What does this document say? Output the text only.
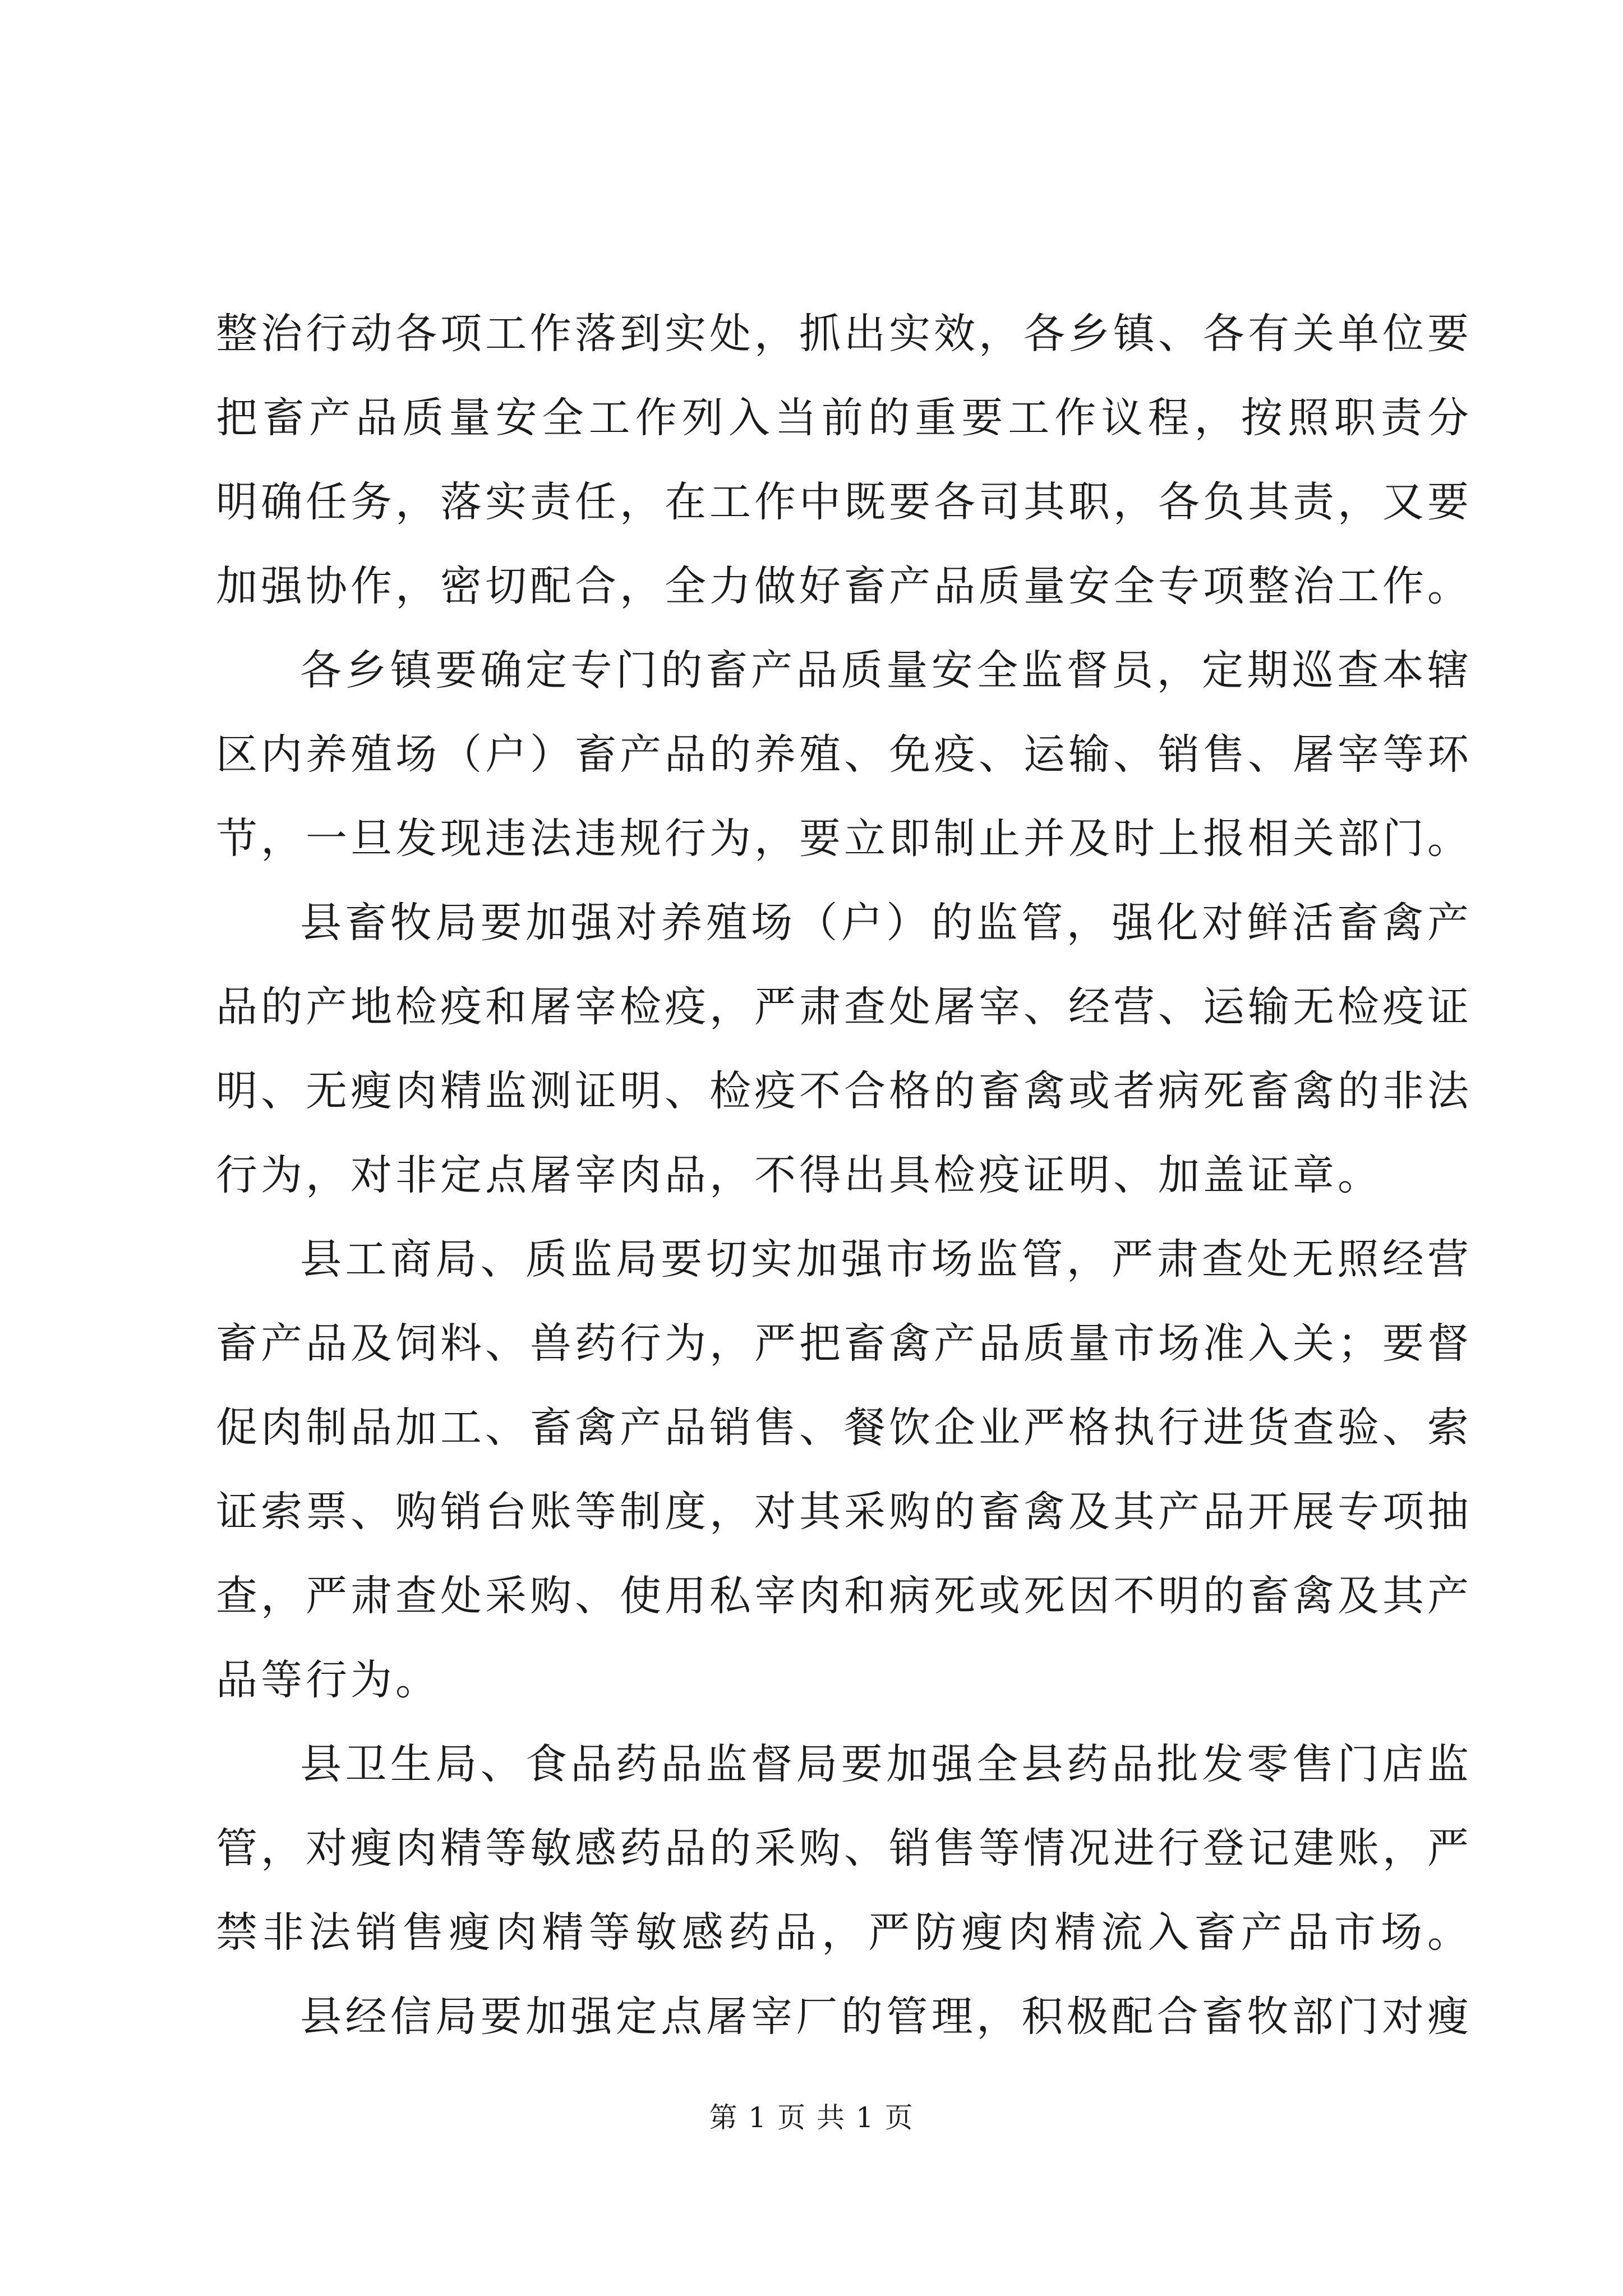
整治行动各项工作落到实处，抓出实效，各乡镇、各有关单位要
把畜产品质量安全工作列入当前的重要工作议程，按照职责分
明确任务，落实责任，在工作中既要各司其职，各负其责，又要
加强协作，密切配合，全力做好畜产品质量安全专项整治工作。
各乡镇要确定专门的畜产品质量安全监督员，定期巡查本辖
区内养殖场（户）畜产品的养殖、免疫、运输、销售、屠宰等环
节，一旦发现违法违规行为，要立即制止并及时上报相关部门。
县畜牧局要加强对养殖场（户）的监管，强化对鲜活畜禽产
品的产地检疫和屠宰检疫，严肃查处屠宰、经营、运输无检疫证
明、无瘦肉精监测证明、检疫不合格的畜禽或者病死畜禽的非法
行为，对非定点屠宰肉品，不得出具检疫证明、加盖证章。
县工商局、质监局要切实加强市场监管，严肃查处无照经营
畜产品及饲料、兽药行为，严把畜禽产品质量市场准入关；要督
促肉制品加工、畜禽产品销售、餐饮企业严格执行进货查验、索
证索票、购销台账等制度，对其采购的畜禽及其产品开展专项抽
查，严肃查处采购、使用私宰肉和病死或死因不明的畜禽及其产
品等行为。
县卫生局、食品药品监督局要加强全县药品批发零售门店监
管，对瘦肉精等敏感药品的采购、销售等情况进行登记建账，严
禁非法销售瘦肉精等敏感药品，严防瘦肉精流入畜产品市场。
县经信局要加强定点屠宰厂的管理，积极配合畜牧部门对瘦
第 1 页 共 1 页
